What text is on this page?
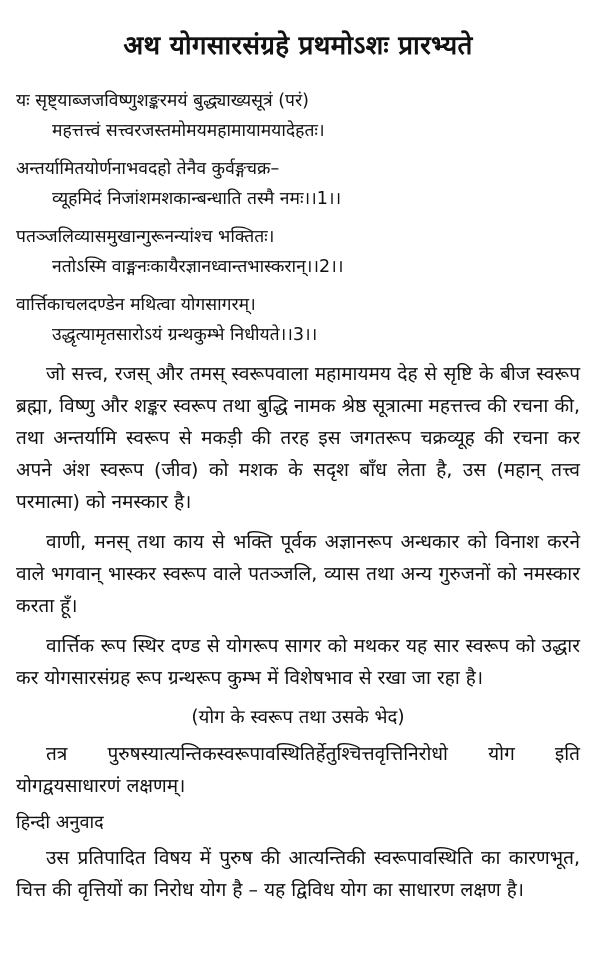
अथ योगसारसंग्रहे प्रथमोऽशः प्रारभ्यते
यः सृष्ट्याब्जजविष्णुशङ्करमयं बुद्ध्याख्यसूत्रं (परं)
महत्तत्त्वं सत्त्वरजस्तमोमयमहामायामयादेहतः।
अन्तर्यामितयोर्णनाभवदहो तेनैव कुर्वङ्गचक्र–
व्यूहमिदं निजांशमशकान्बन्धाति तस्मै नमः।।1।।
पतञ्जलिव्यासमुखान्गुरूनन्यांश्च भक्तितः।
नतोऽस्मि वाङ्मनःकायैरज्ञानध्वान्तभास्करान्।।2।।
वार्त्तिकाचलदण्डेन मथित्वा योगसागरम्।
उद्धृत्यामृतसारोऽयं ग्रन्थकुम्भे निधीयते।।3।।

जो सत्त्व, रजस् और तमस् स्वरूपवाला महामायमय देह से सृष्टि के बीज स्वरूप ब्रह्मा, विष्णु और शङ्कर स्वरूप तथा बुद्धि नामक श्रेष्ठ सूत्रात्मा महत्तत्त्व की रचना की, तथा अन्तर्यामि स्वरूप से मकड़ी की तरह इस जगतरूप चक्रव्यूह की रचना कर अपने अंश स्वरूप (जीव) को मशक के सदृश बाँध लेता है, उस (महान् तत्त्व परमात्मा) को नमस्कार है।

वाणी, मनस् तथा काय से भक्ति पूर्वक अज्ञानरूप अन्धकार को विनाश करने वाले भगवान् भास्कर स्वरूप वाले पतञ्जलि, व्यास तथा अन्य गुरुजनों को नमस्कार करता हूँ।

वार्त्तिक रूप स्थिर दण्ड से योगरूप सागर को मथकर यह सार स्वरूप को उद्धार कर योगसारसंग्रह रूप ग्रन्थरूप कुम्भ में विशेषभाव से रखा जा रहा है।

(योग के स्वरूप तथा उसके भेद)

तत्र पुरुषस्यात्यन्तिकस्वरूपावस्थितिर्हेतुश्चित्तवृत्तिनिरोधो योग इति योगद्वयसाधारणं लक्षणम्।

हिन्दी अनुवाद

उस प्रतिपादित विषय में पुरुष की आत्यन्तिकी स्वरूपावस्थिति का कारणभूत, चित्त की वृत्तियों का निरोध योग है – यह द्विविध योग का साधारण लक्षण है।
